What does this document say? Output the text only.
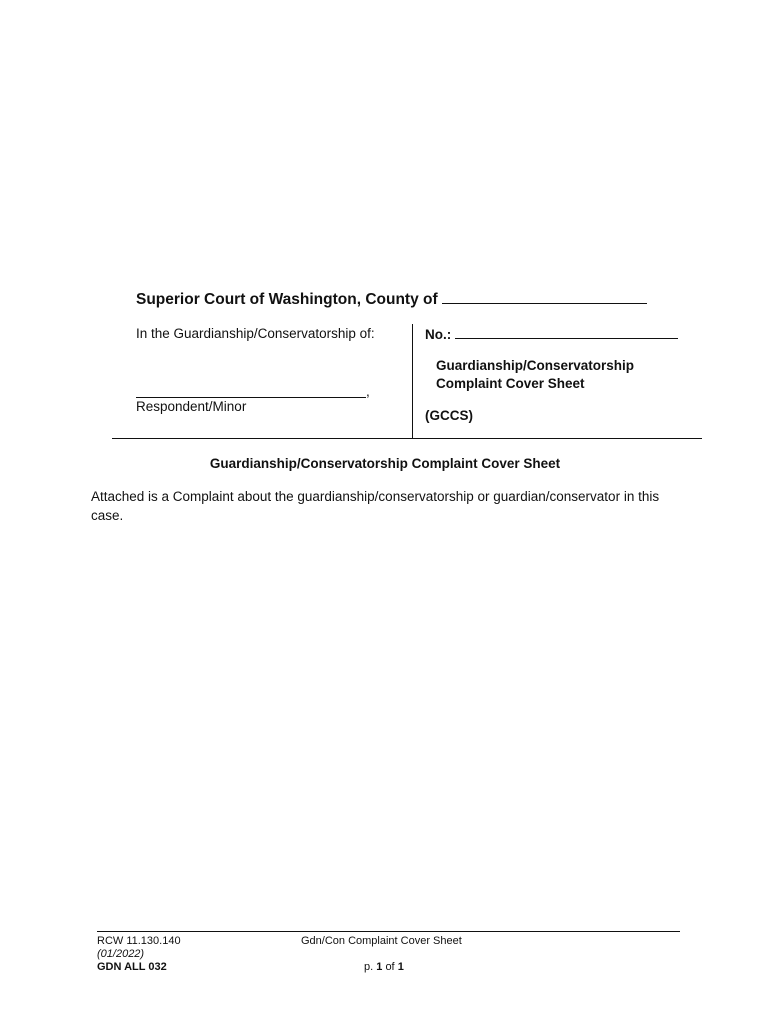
Superior Court of Washington, County of
In the Guardianship/Conservatorship of:
,
Respondent/Minor
No.:
Guardianship/Conservatorship Complaint Cover Sheet
(GCCS)
Guardianship/Conservatorship Complaint Cover Sheet
Attached is a Complaint about the guardianship/conservatorship or guardian/conservator in this case.
RCW 11.130.140
(01/2022)
GDN ALL 032
Gdn/Con Complaint Cover Sheet
p. 1 of 1
